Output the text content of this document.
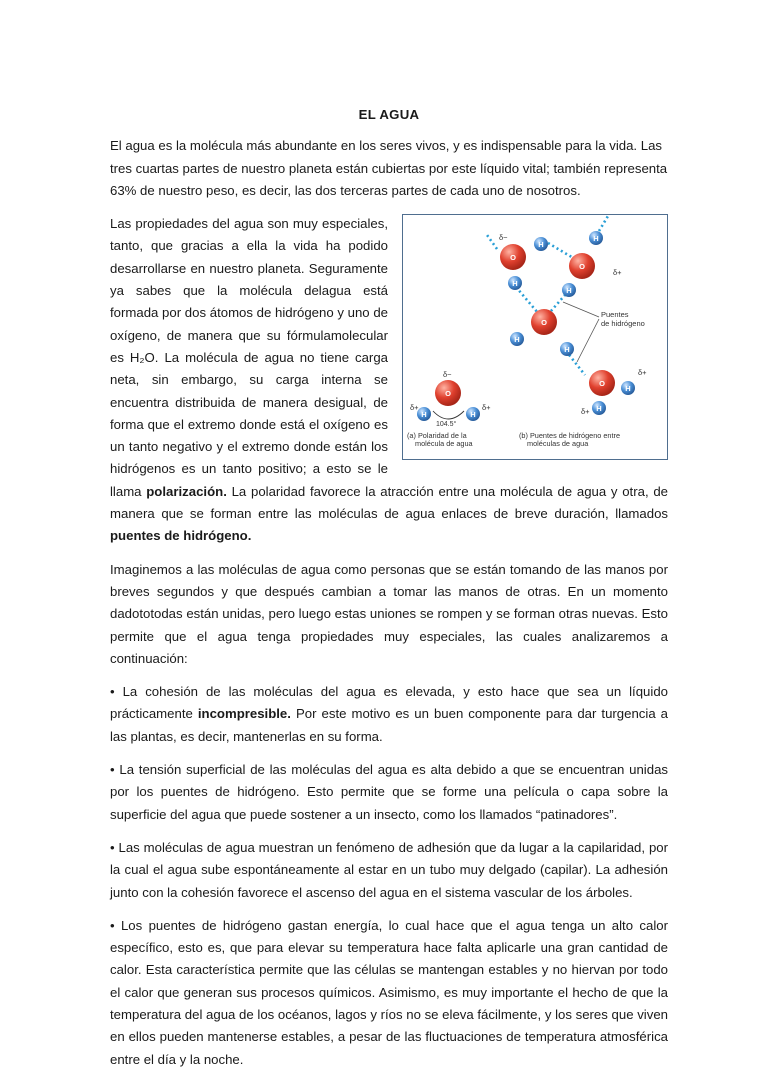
EL AGUA

El agua es la molécula más abundante en los seres vivos, y es indispensable para la vida. Las tres cuartas partes de nuestro planeta están cubiertas por este líquido vital; también representa 63% de nuestro peso, es decir, las dos terceras partes de cada uno de nosotros.

O
O
O
O
O
H
H
H
H
H
H
H
H
H	H
δ−
δ+
δ+
δ+
δ−
δ+	δ+
104.5°
Puentes
de hidrógeno
(a) Polaridad de la
molécula de agua
(b) Puentes de hidrógeno entre
moléculas de agua

Las propiedades del agua son muy especiales, tanto, que gracias a ella la vida ha podido desarrollarse en nuestro planeta. Seguramente ya sabes que la molécula delagua está formada por dos átomos de hidrógeno y uno de oxígeno, de manera que su fórmulamolecular es H₂O. La molécula de agua no tiene carga neta, sin embargo, su carga interna se encuentra distribuida de manera desigual, de forma que el extremo donde está el oxígeno es un tanto negativo y el extremo donde están los hidrógenos es un tanto positivo; a esto se le llama polarización. La polaridad favorece la atracción entre una molécula de agua y otra, de manera que se forman entre las moléculas de agua enlaces de breve duración, llamados puentes de hidrógeno.

Imaginemos a las moléculas de agua como personas que se están tomando de las manos por breves segundos y que después cambian a tomar las manos de otras. En un momento dadototodas están unidas, pero luego estas uniones se rompen y se forman otras nuevas. Esto permite que el agua tenga propiedades muy especiales, las cuales analizaremos a continuación:

• La cohesión de las moléculas del agua es elevada, y esto hace que sea un líquido prácticamente incompresible. Por este motivo es un buen componente para dar turgencia a las plantas, es decir, mantenerlas en su forma.

• La tensión superficial de las moléculas del agua es alta debido a que se encuentran unidas por los puentes de hidrógeno. Esto permite que se forme una película o capa sobre la superficie del agua que puede sostener a un insecto, como los llamados “patinadores”.

• Las moléculas de agua muestran un fenómeno de adhesión que da lugar a la capilaridad, por la cual el agua sube espontáneamente al estar en un tubo muy delgado (capilar). La adhesión junto con la cohesión favorece el ascenso del agua en el sistema vascular de los árboles.

• Los puentes de hidrógeno gastan energía, lo cual hace que el agua tenga un alto calor específico, esto es, que para elevar su temperatura hace falta aplicarle una gran cantidad de calor. Esta característica permite que las células se mantengan estables y no hiervan por todo el calor que generan sus procesos químicos. Asimismo, es muy importante el hecho de que la temperatura del agua de los océanos, lagos y ríos no se eleva fácilmente, y los seres que viven en ellos pueden mantenerse estables, a pesar de las fluctuaciones de temperatura atmosférica entre el día y la noche.
